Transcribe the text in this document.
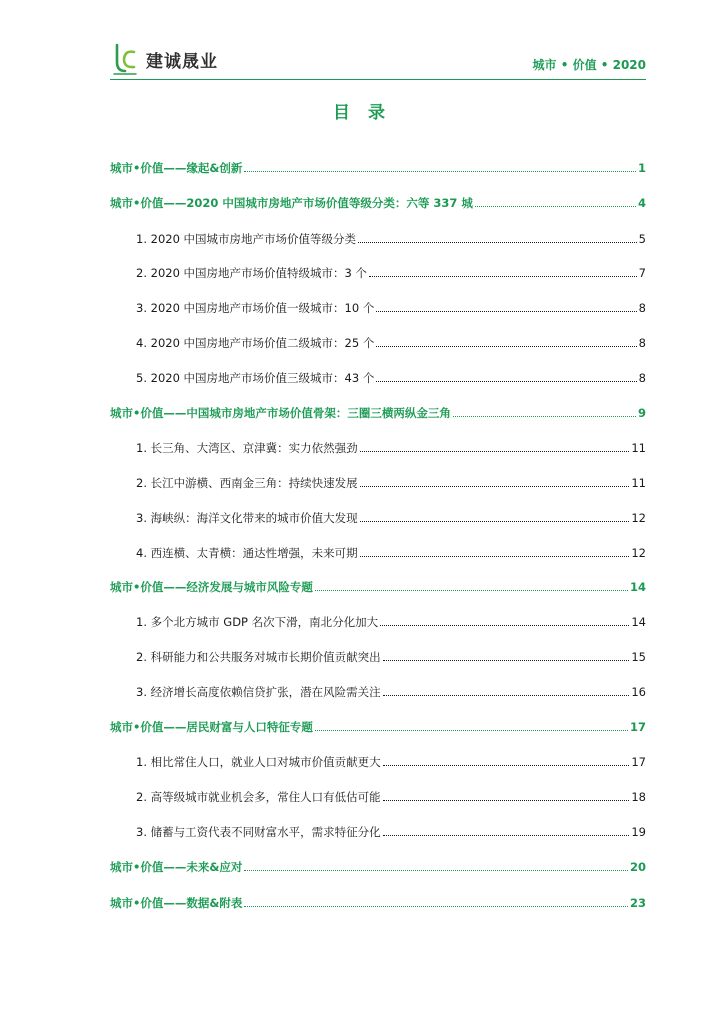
建诚晟业	城市 • 价值 • 2020
目 录
城市•价值——缘起&创新	1
城市•价值——2020 中国城市房地产市场价值等级分类：六等 337 城	4
1. 2020 中国城市房地产市场价值等级分类	5
2. 2020 中国房地产市场价值特级城市：3 个	7
3. 2020 中国房地产市场价值一级城市：10 个	8
4. 2020 中国房地产市场价值二级城市：25 个	8
5. 2020 中国房地产市场价值三级城市：43 个	8
城市•价值——中国城市房地产市场价值骨架：三圈三横两纵金三角	9
1. 长三角、大湾区、京津冀：实力依然强劲	11
2. 长江中游横、西南金三角：持续快速发展	11
3. 海峡纵：海洋文化带来的城市价值大发现	12
4. 西连横、太青横：通达性增强，未来可期	12
城市•价值——经济发展与城市风险专题	14
1. 多个北方城市 GDP 名次下滑，南北分化加大	14
2. 科研能力和公共服务对城市长期价值贡献突出	15
3. 经济增长高度依赖信贷扩张，潜在风险需关注	16
城市•价值——居民财富与人口特征专题	17
1. 相比常住人口，就业人口对城市价值贡献更大	17
2. 高等级城市就业机会多，常住人口有低估可能	18
3. 储蓄与工资代表不同财富水平，需求特征分化	19
城市•价值——未来&应对	20
城市•价值——数据&附表	23
